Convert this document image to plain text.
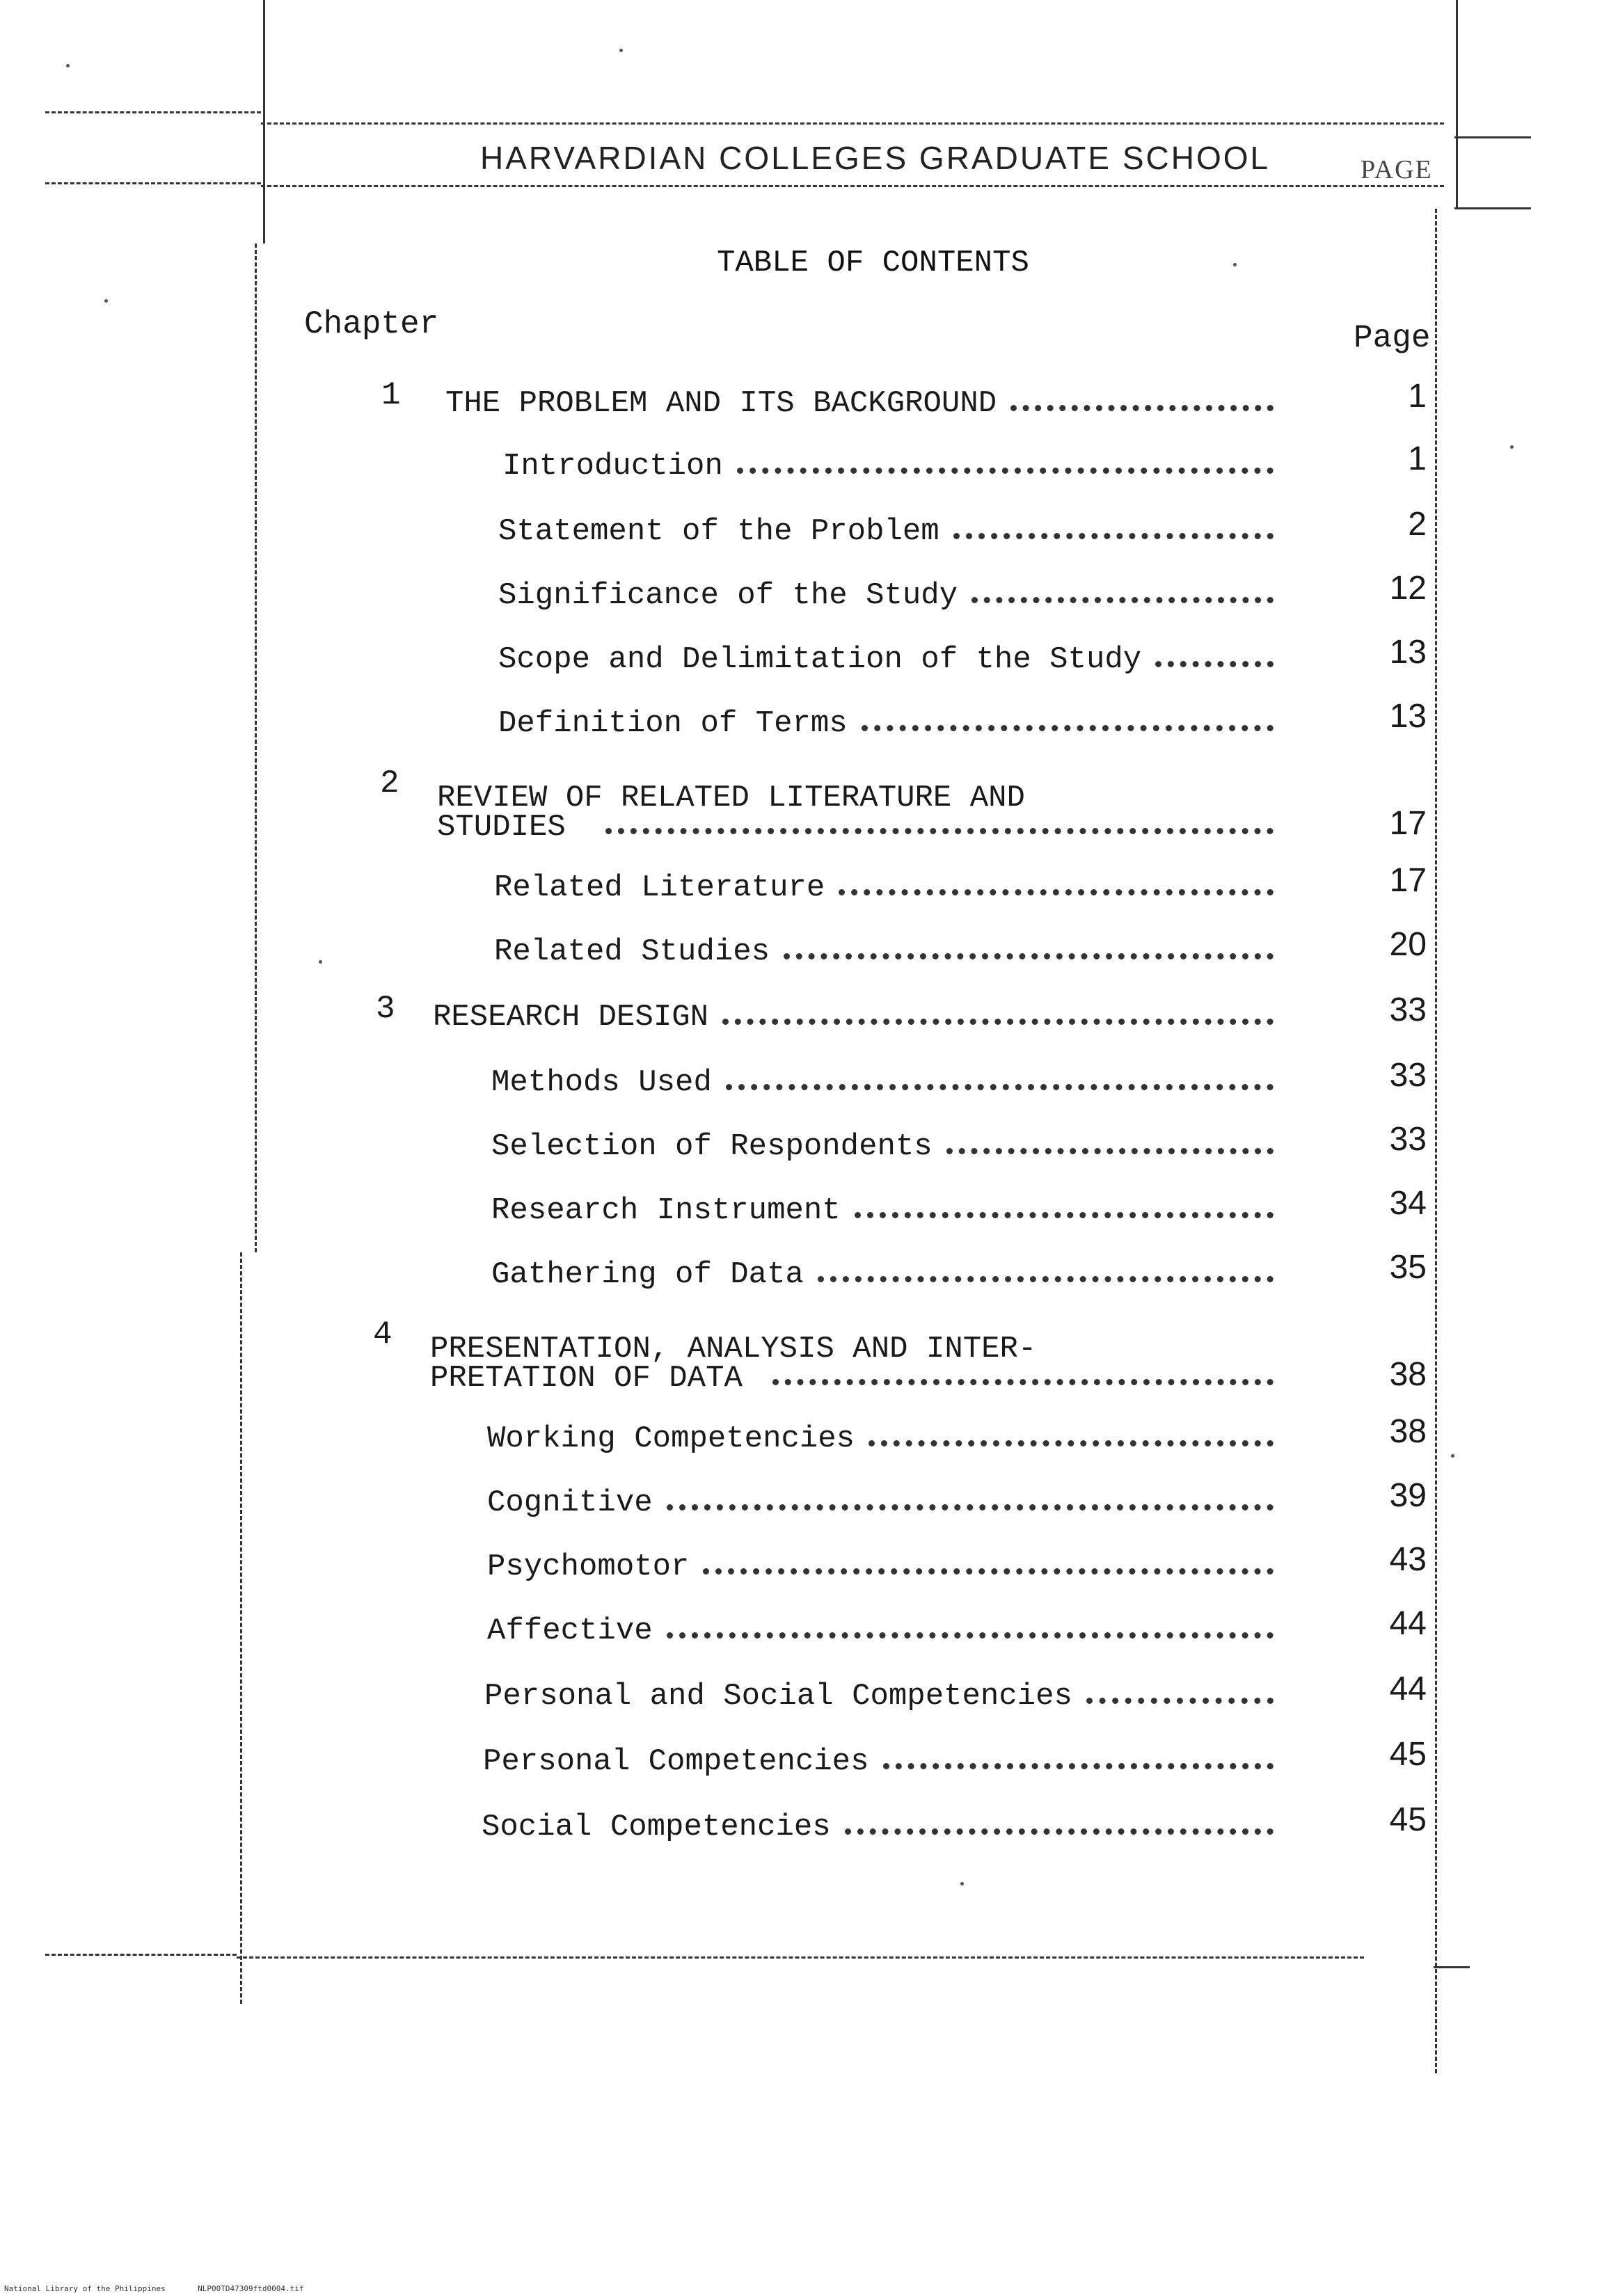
HARVARDIAN COLLEGES GRADUATE SCHOOL	PAGE
TABLE OF CONTENTS
Chapter	Page
1 THE PROBLEM AND ITS BACKGROUND	1
Introduction	1
Statement of the Problem	2
Significance of the Study	12
Scope and Delimitation of the Study	13
Definition of Terms	13
2 REVIEW OF RELATED LITERATURE AND STUDIES	17
Related Literature	17
Related Studies	20
3 RESEARCH DESIGN	33
Methods Used	33
Selection of Respondents	33
Research Instrument	34
Gathering of Data	35
4 PRESENTATION, ANALYSIS AND INTER-PRETATION OF DATA	38
Working Competencies	38
Cognitive	39
Psychomotor	43
Affective	44
Personal and Social Competencies	44
Personal Competencies	45
Social Competencies	45
National Library of the Philippines	NLP00TD47309ftd0004.tif
